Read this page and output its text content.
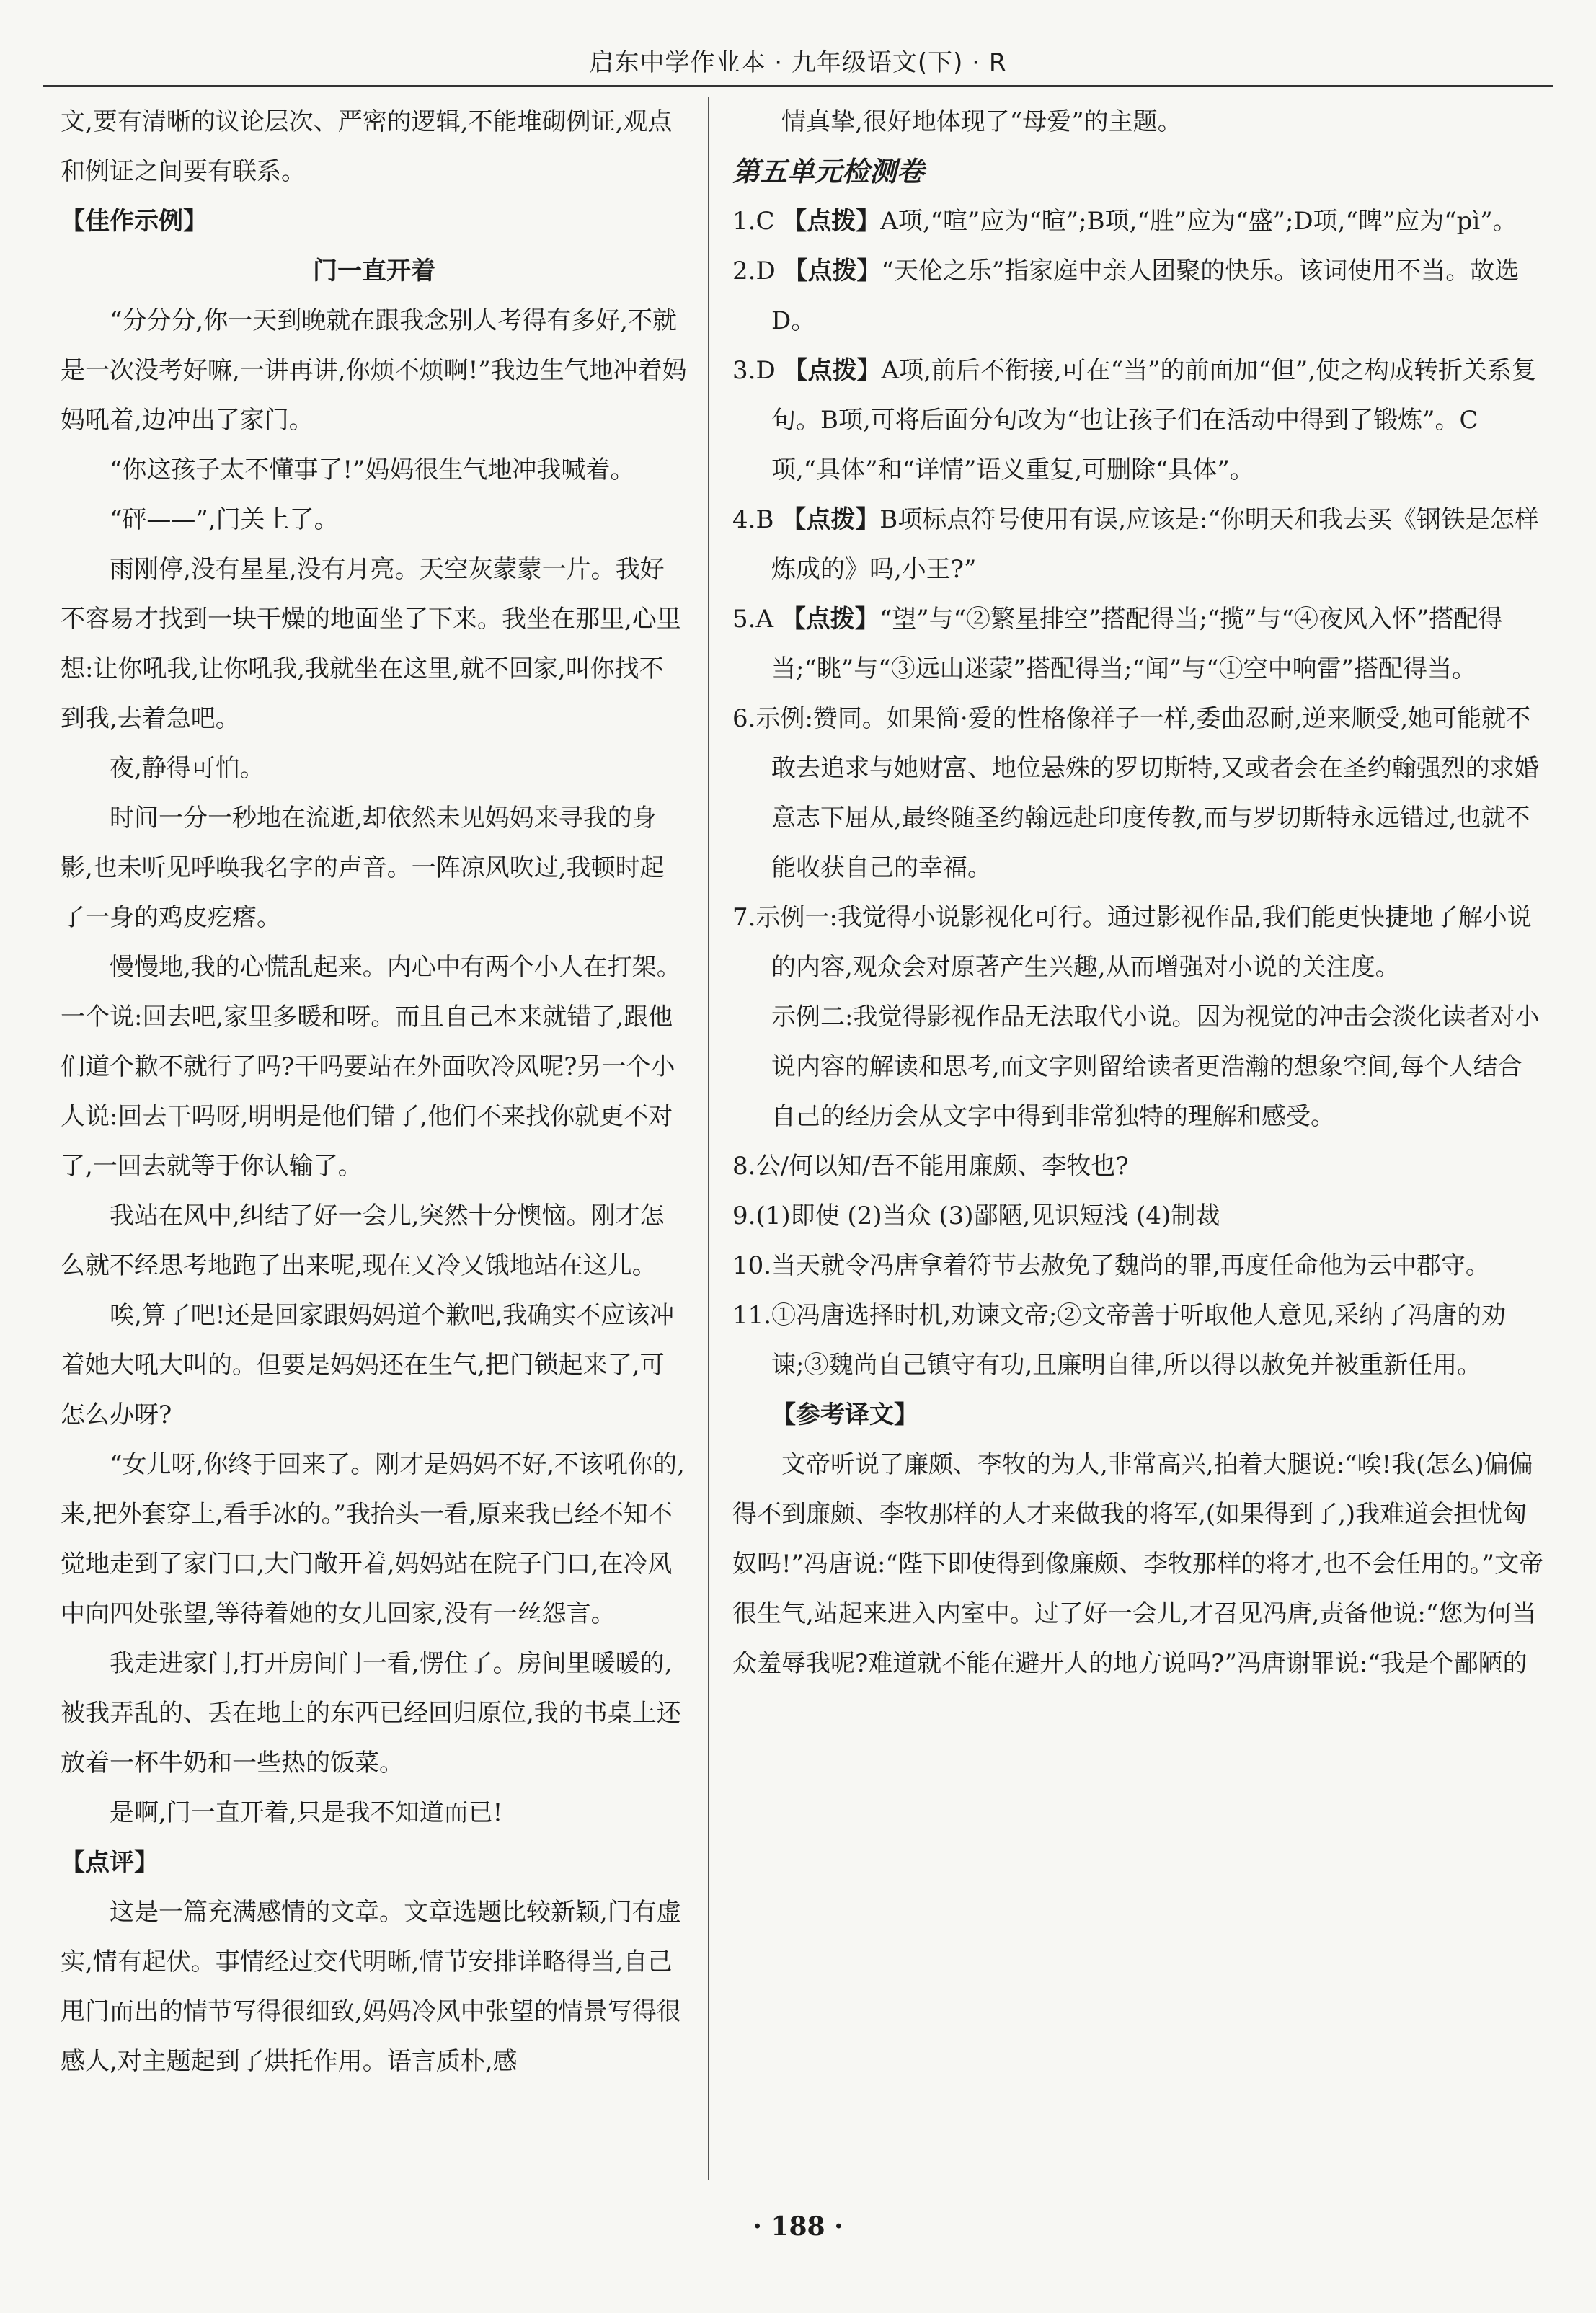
启东中学作业本 · 九年级语文(下) · R

文,要有清晰的议论层次、严密的逻辑,不能堆砌例证,观点和例证之间要有联系。

【佳作示例】

门一直开着

“分分分,你一天到晚就在跟我念别人考得有多好,不就是一次没考好嘛,一讲再讲,你烦不烦啊!”我边生气地冲着妈妈吼着,边冲出了家门。

“你这孩子太不懂事了!”妈妈很生气地冲我喊着。

“砰——”,门关上了。

雨刚停,没有星星,没有月亮。天空灰蒙蒙一片。我好不容易才找到一块干燥的地面坐了下来。我坐在那里,心里想:让你吼我,让你吼我,我就坐在这里,就不回家,叫你找不到我,去着急吧。

夜,静得可怕。

时间一分一秒地在流逝,却依然未见妈妈来寻我的身影,也未听见呼唤我名字的声音。一阵凉风吹过,我顿时起了一身的鸡皮疙瘩。

慢慢地,我的心慌乱起来。内心中有两个小人在打架。一个说:回去吧,家里多暖和呀。而且自己本来就错了,跟他们道个歉不就行了吗?干吗要站在外面吹冷风呢?另一个小人说:回去干吗呀,明明是他们错了,他们不来找你就更不对了,一回去就等于你认输了。

我站在风中,纠结了好一会儿,突然十分懊恼。刚才怎么就不经思考地跑了出来呢,现在又冷又饿地站在这儿。

唉,算了吧!还是回家跟妈妈道个歉吧,我确实不应该冲着她大吼大叫的。但要是妈妈还在生气,把门锁起来了,可怎么办呀?

“女儿呀,你终于回来了。刚才是妈妈不好,不该吼你的,来,把外套穿上,看手冰的。”我抬头一看,原来我已经不知不觉地走到了家门口,大门敞开着,妈妈站在院子门口,在冷风中向四处张望,等待着她的女儿回家,没有一丝怨言。

我走进家门,打开房间门一看,愣住了。房间里暖暖的,被我弄乱的、丢在地上的东西已经回归原位,我的书桌上还放着一杯牛奶和一些热的饭菜。

是啊,门一直开着,只是我不知道而已!

【点评】

这是一篇充满感情的文章。文章选题比较新颖,门有虚实,情有起伏。事情经过交代明晰,情节安排详略得当,自己甩门而出的情节写得很细致,妈妈冷风中张望的情景写得很感人,对主题起到了烘托作用。语言质朴,感

情真挚,很好地体现了“母爱”的主题。

第五单元检测卷

1.C 【点拨】A项,“喧”应为“暄”;B项,“胜”应为“盛”;D项,“睥”应为“pì”。

2.D 【点拨】“天伦之乐”指家庭中亲人团聚的快乐。该词使用不当。故选D。

3.D 【点拨】A项,前后不衔接,可在“当”的前面加“但”,使之构成转折关系复句。B项,可将后面分句改为“也让孩子们在活动中得到了锻炼”。C项,“具体”和“详情”语义重复,可删除“具体”。

4.B 【点拨】B项标点符号使用有误,应该是:“你明天和我去买《钢铁是怎样炼成的》吗,小王?”

5.A 【点拨】“望”与“②繁星排空”搭配得当;“揽”与“④夜风入怀”搭配得当;“眺”与“③远山迷蒙”搭配得当;“闻”与“①空中响雷”搭配得当。

6.示例:赞同。如果简·爱的性格像祥子一样,委曲忍耐,逆来顺受,她可能就不敢去追求与她财富、地位悬殊的罗切斯特,又或者会在圣约翰强烈的求婚意志下屈从,最终随圣约翰远赴印度传教,而与罗切斯特永远错过,也就不能收获自己的幸福。

7.示例一:我觉得小说影视化可行。通过影视作品,我们能更快捷地了解小说的内容,观众会对原著产生兴趣,从而增强对小说的关注度。

示例二:我觉得影视作品无法取代小说。因为视觉的冲击会淡化读者对小说内容的解读和思考,而文字则留给读者更浩瀚的想象空间,每个人结合自己的经历会从文字中得到非常独特的理解和感受。

8.公/何以知/吾不能用廉颇、李牧也?

9.(1)即使 (2)当众 (3)鄙陋,见识短浅 (4)制裁

10.当天就令冯唐拿着符节去赦免了魏尚的罪,再度任命他为云中郡守。

11.①冯唐选择时机,劝谏文帝;②文帝善于听取他人意见,采纳了冯唐的劝谏;③魏尚自己镇守有功,且廉明自律,所以得以赦免并被重新任用。

【参考译文】

文帝听说了廉颇、李牧的为人,非常高兴,拍着大腿说:“唉!我(怎么)偏偏得不到廉颇、李牧那样的人才来做我的将军,(如果得到了,)我难道会担忧匈奴吗!”冯唐说:“陛下即使得到像廉颇、李牧那样的将才,也不会任用的。”文帝很生气,站起来进入内室中。过了好一会儿,才召见冯唐,责备他说:“您为何当众羞辱我呢?难道就不能在避开人的地方说吗?”冯唐谢罪说:“我是个鄙陋的

· 188 ·
